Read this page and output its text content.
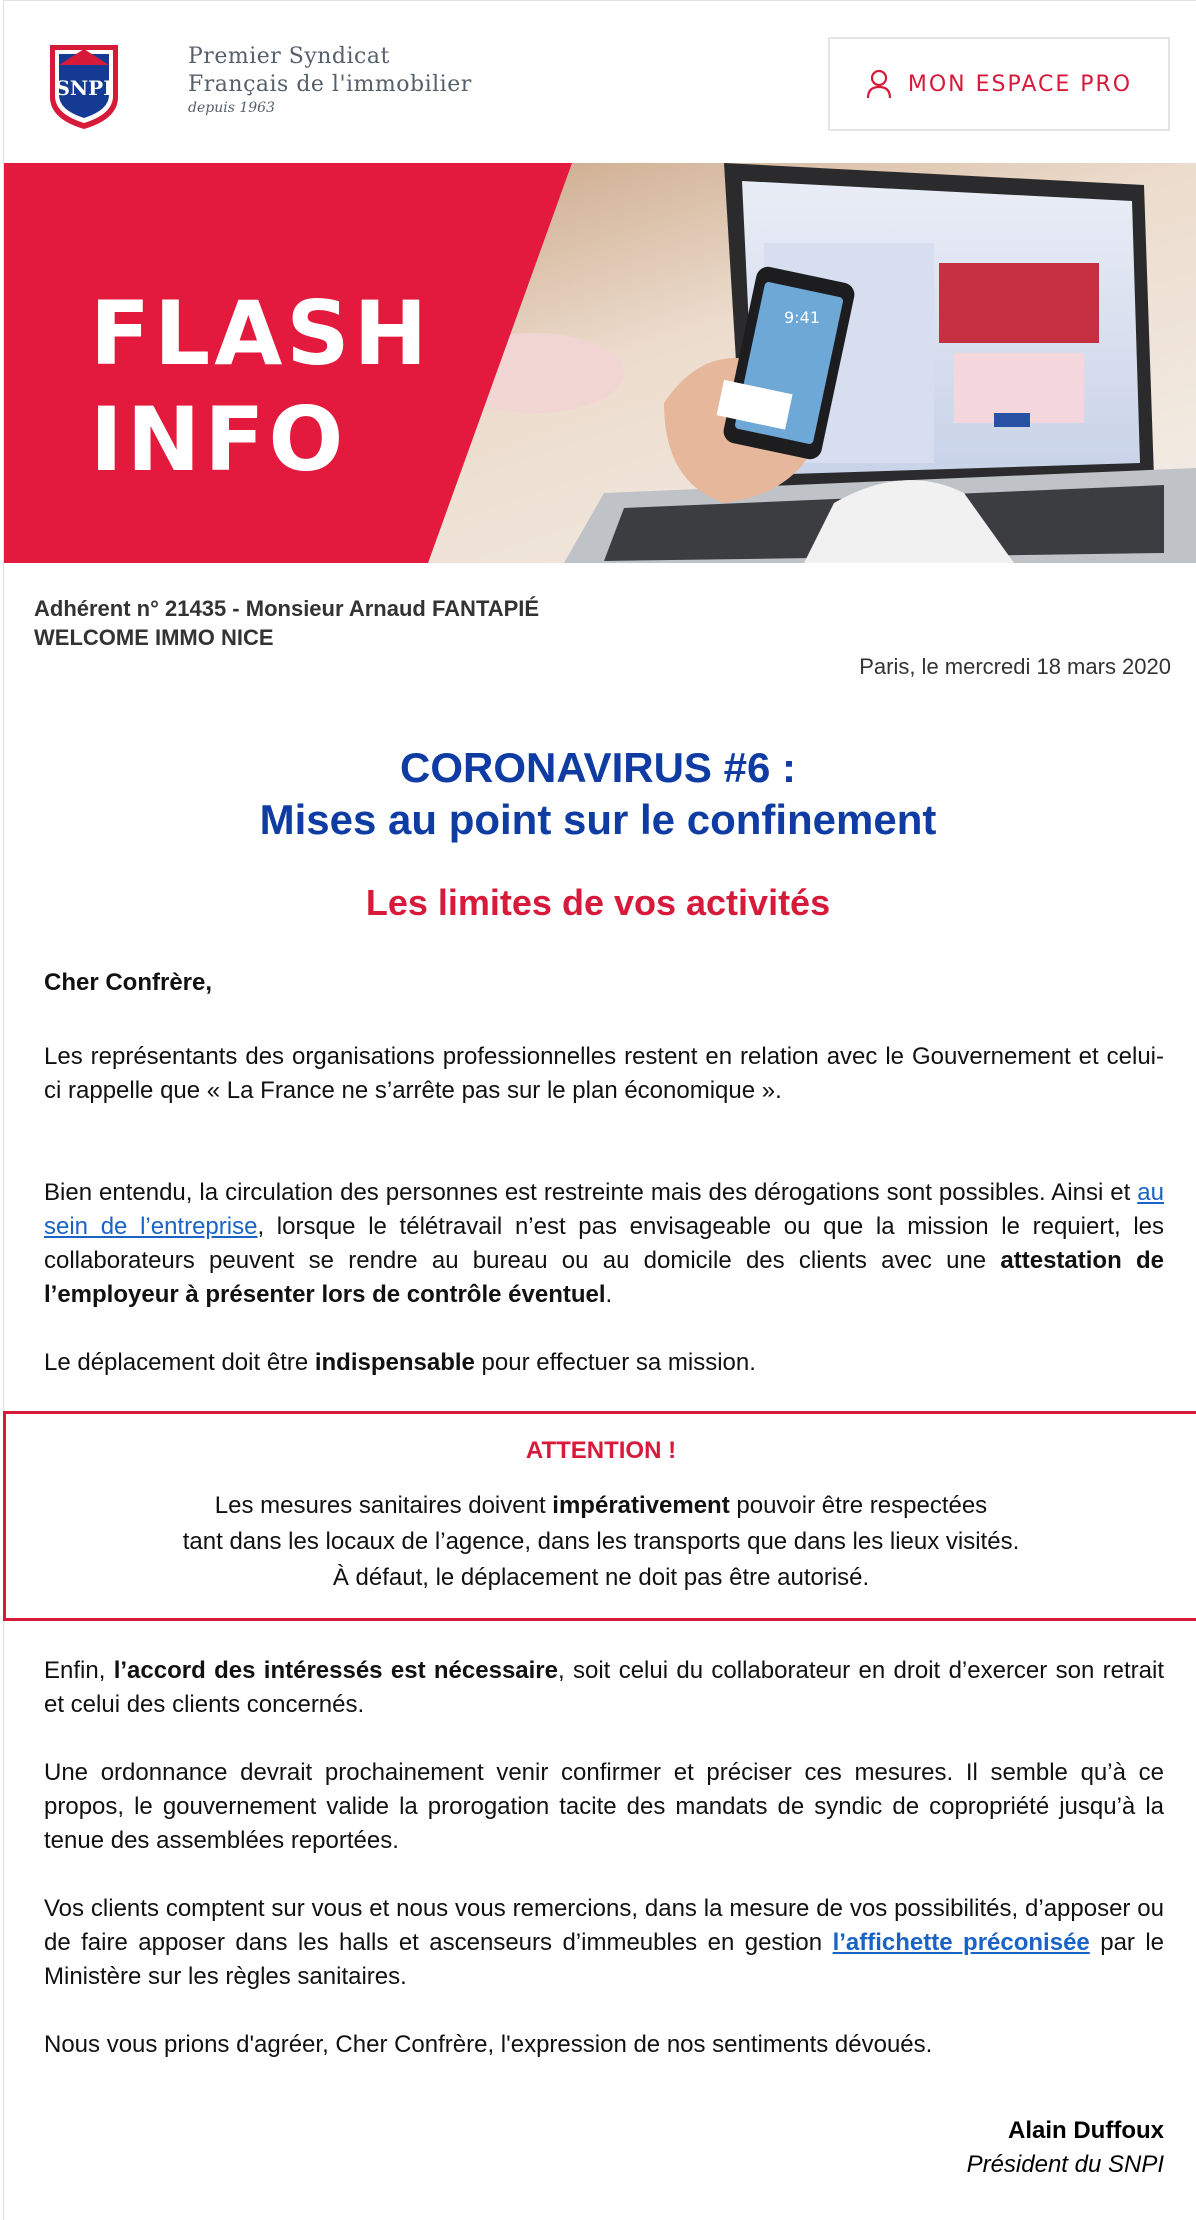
SNPI
Premier Syndicat
Français de l'immobilier
depuis 1963
MON ESPACE PRO
9:41
FLASH
INFO
Adhérent n° 21435 - Monsieur Arnaud FANTAPIÉ
WELCOME IMMO NICE
Paris, le mercredi 18 mars 2020
CORONAVIRUS #6 :
Mises au point sur le confinement
Les limites de vos activités
Cher Confrère,
Les représentants des organisations professionnelles restent en relation avec le Gouvernement et celui-ci rappelle que « La France ne s’arrête pas sur le plan économique ».
Bien entendu, la circulation des personnes est restreinte mais des dérogations sont possibles. Ainsi et au sein de l’entreprise, lorsque le télétravail n’est pas envisageable ou que la mission le requiert, les collaborateurs peuvent se rendre au bureau ou au domicile des clients avec une attestation de l’employeur à présenter lors de contrôle éventuel.
Le déplacement doit être indispensable pour effectuer sa mission.
ATTENTION !
Les mesures sanitaires doivent impérativement pouvoir être respectées
tant dans les locaux de l’agence, dans les transports que dans les lieux visités.
À défaut, le déplacement ne doit pas être autorisé.
Enfin, l’accord des intéressés est nécessaire, soit celui du collaborateur en droit d’exercer son retrait et celui des clients concernés.
Une ordonnance devrait prochainement venir confirmer et préciser ces mesures. Il semble qu’à ce propos, le gouvernement valide la prorogation tacite des mandats de syndic de copropriété jusqu’à la tenue des assemblées reportées.
Vos clients comptent sur vous et nous vous remercions, dans la mesure de vos possibilités, d’apposer ou de faire apposer dans les halls et ascenseurs d’immeubles en gestion l’affichette préconisée par le Ministère sur les règles sanitaires.
Nous vous prions d'agréer, Cher Confrère, l'expression de nos sentiments dévoués.
Alain Duffoux
Président du SNPI
